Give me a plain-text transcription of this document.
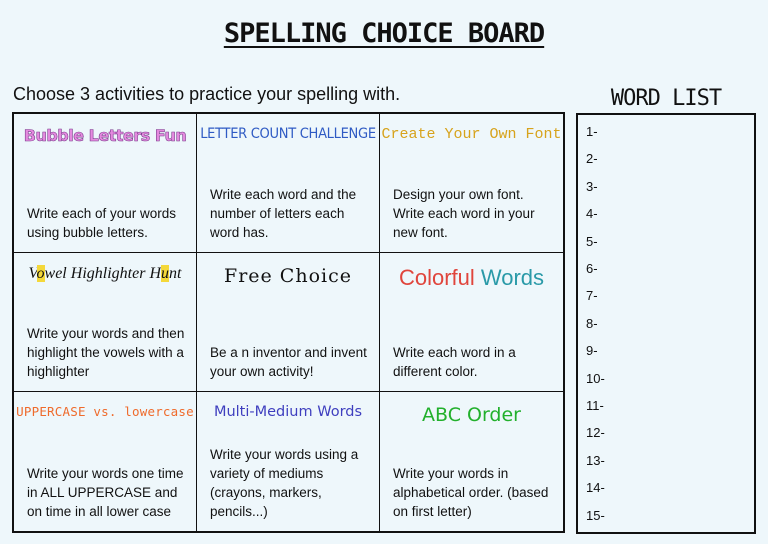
SPELLING CHOICE BOARD
Choose 3 activities to practice your spelling with.
Bubble Letters Fun
Write each of your words using bubble letters.
LETTER COUNT CHALLENGE
Write each word and the number of letters each word has.
Create Your Own Font
Design your own font. Write each word in your new font.
Vowel Highlighter Hunt
Write your words and then highlight the vowels with a highlighter
Free Choice
Be a n inventor and invent your own activity!
Colorful Words
Write each word in a different color.
UPPERCASE vs. lowercase
Write your words one time in ALL UPPERCASE and on time in all lower case
Multi-Medium Words
Write your words using a variety of mediums (crayons, markers, pencils...)
ABC Order
Write your words in alphabetical order. (based on first letter)
WORD LIST
1-
2-
3-
4-
5-
6-
7-
8-
9-
10-
11-
12-
13-
14-
15-
